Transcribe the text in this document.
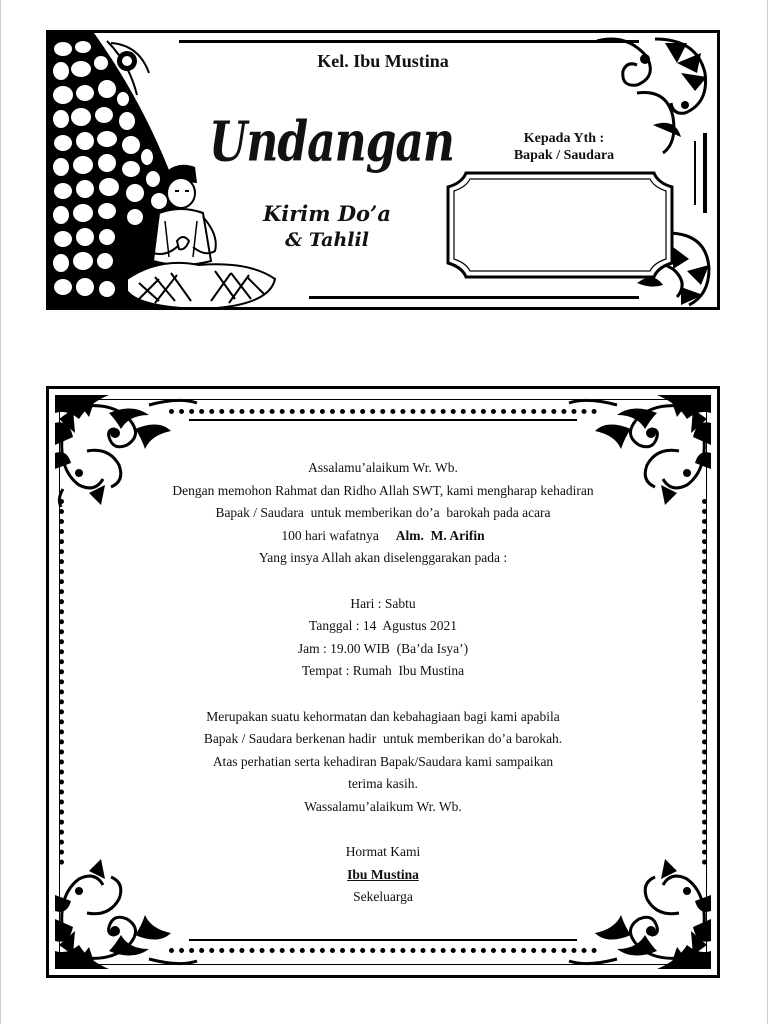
Kel. Ibu Mustina
Undangan
Kirim Do’a
& Tahlil
Kepada Yth :
Bapak / Saudara
Assalamu’alaikum Wr. Wb.
Dengan memohon Rahmat dan Ridho Allah SWT, kami mengharap kehadiran
Bapak / Saudara  untuk memberikan do’a  barokah pada acara
100 hari wafatnya Alm.  M. Arifin
Yang insya Allah akan diselenggarakan pada :
Hari : Sabtu
Tanggal : 14  Agustus 2021
Jam : 19.00 WIB  (Ba’da Isya’)
Tempat : Rumah  Ibu Mustina
Merupakan suatu kehormatan dan kebahagiaan bagi kami apabila
Bapak / Saudara berkenan hadir  untuk memberikan do’a barokah.
Atas perhatian serta kehadiran Bapak/Saudara kami sampaikan
terima kasih.
Wassalamu’alaikum Wr. Wb.
Hormat Kami
Ibu Mustina
Sekeluarga
